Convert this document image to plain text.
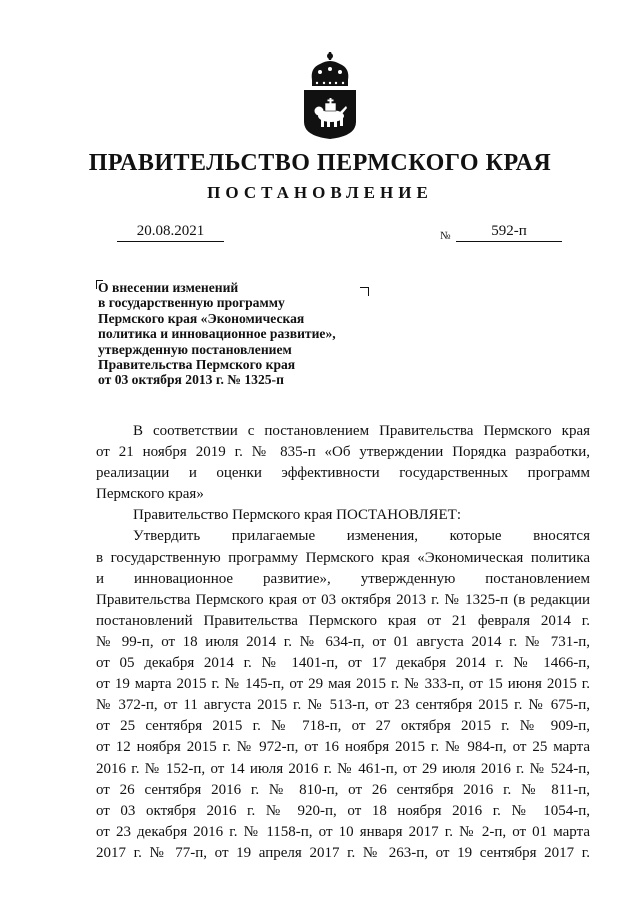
ПРАВИТЕЛЬСТВО ПЕРМСКОГО КРАЯ
ПОСТАНОВЛЕНИЕ
20.08.2021	№	592-п
О внесении изменений
в государственную программу
Пермского края «Экономическая
политика и инновационное развитие»,
утвержденную постановлением
Правительства Пермского края
от 03 октября 2013 г. № 1325-п

В соответствии с постановлением Правительства Пермского края

от 21 ноября 2019 г. № 835-п «Об утверждении Порядка разработки,

реализации и оценки эффективности государственных программ

Пермского края»

Правительство Пермского края ПОСТАНОВЛЯЕТ:

Утвердить прилагаемые изменения, которые вносятся

в государственную программу Пермского края «Экономическая политика

и инновационное развитие», утвержденную постановлением

Правительства Пермского края от 03 октября 2013 г. № 1325-п (в редакции

постановлений Правительства Пермского края от 21 февраля 2014 г.

№ 99-п, от 18 июля 2014 г. № 634-п, от 01 августа 2014 г. № 731-п,

от 05 декабря 2014 г. № 1401-п, от 17 декабря 2014 г. № 1466-п,

от 19 марта 2015 г. № 145-п, от 29 мая 2015 г. № 333-п, от 15 июня 2015 г.

№ 372-п, от 11 августа 2015 г. № 513-п, от 23 сентября 2015 г. № 675-п,

от 25 сентября 2015 г. № 718-п, от 27 октября 2015 г. № 909-п,

от 12 ноября 2015 г. № 972-п, от 16 ноября 2015 г. № 984-п, от 25 марта

2016 г. № 152-п, от 14 июля 2016 г. № 461-п, от 29 июля 2016 г. № 524-п,

от 26 сентября 2016 г. № 810-п, от 26 сентября 2016 г. № 811-п,

от 03 октября 2016 г. № 920-п, от 18 ноября 2016 г. № 1054-п,

от 23 декабря 2016 г. № 1158-п, от 10 января 2017 г. № 2-п, от 01 марта

2017 г. № 77-п, от 19 апреля 2017 г. № 263-п, от 19 сентября 2017 г.
